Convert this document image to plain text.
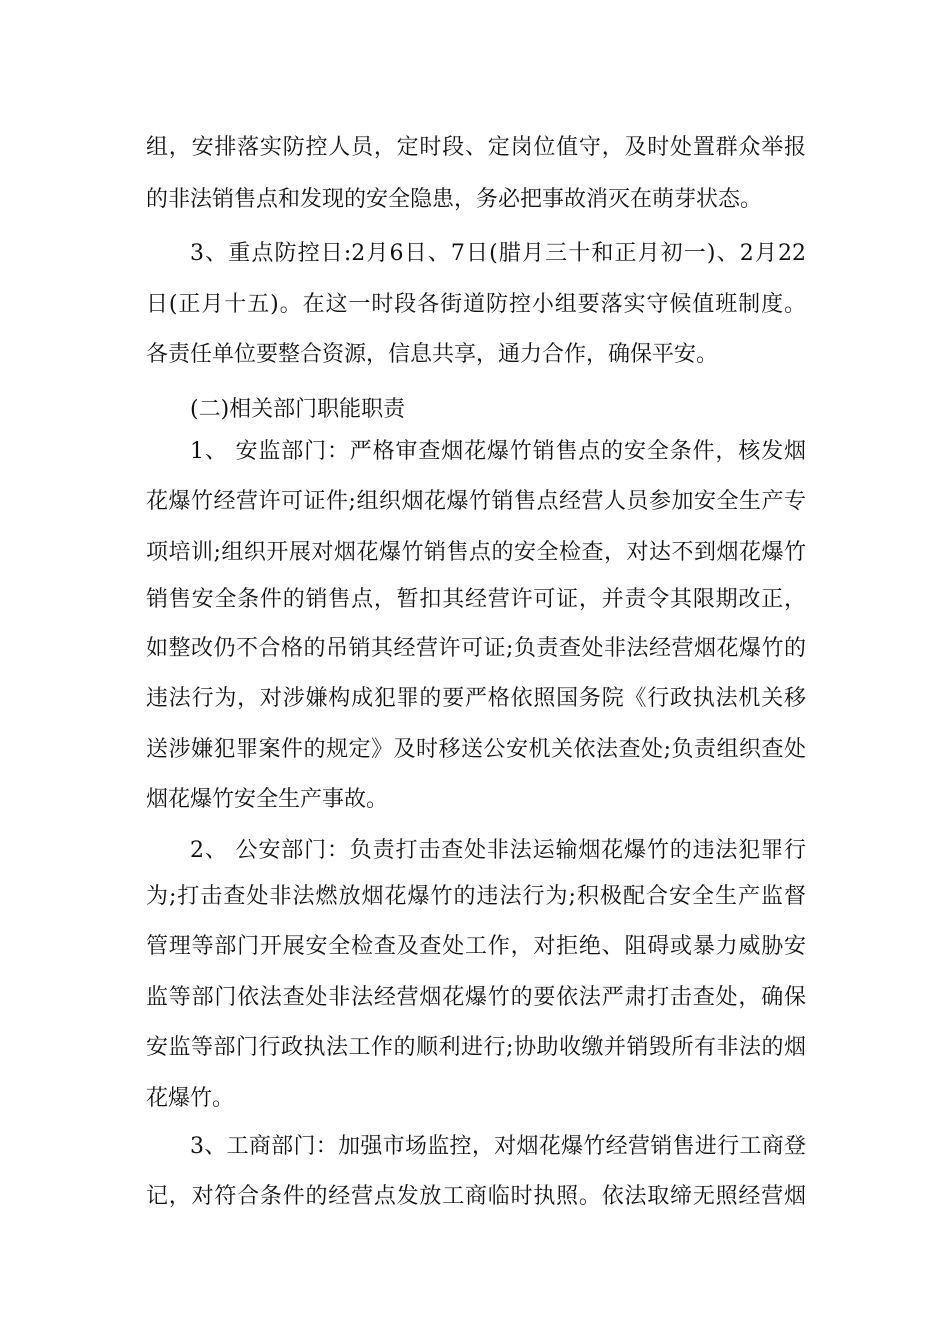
组，安排落实防控人员，定时段、定岗位值守，及时处置群众举报
的非法销售点和发现的安全隐患，务必把事故消灭在萌芽状态。
3、重点防控日:2月6日、7日(腊月三十和正月初一)、2月22
日(正月十五)。在这一时段各街道防控小组要落实守候值班制度。
各责任单位要整合资源，信息共享，通力合作，确保平安。
(二)相关部门职能职责
1、 安监部门：严格审查烟花爆竹销售点的安全条件，核发烟
花爆竹经营许可证件;组织烟花爆竹销售点经营人员参加安全生产专
项培训;组织开展对烟花爆竹销售点的安全检查，对达不到烟花爆竹
销售安全条件的销售点，暂扣其经营许可证，并责令其限期改正，
如整改仍不合格的吊销其经营许可证;负责查处非法经营烟花爆竹的
违法行为，对涉嫌构成犯罪的要严格依照国务院《行政执法机关移
送涉嫌犯罪案件的规定》及时移送公安机关依法查处;负责组织查处
烟花爆竹安全生产事故。
2、 公安部门：负责打击查处非法运输烟花爆竹的违法犯罪行
为;打击查处非法燃放烟花爆竹的违法行为;积极配合安全生产监督
管理等部门开展安全检查及查处工作，对拒绝、阻碍或暴力威胁安
监等部门依法查处非法经营烟花爆竹的要依法严肃打击查处，确保
安监等部门行政执法工作的顺利进行;协助收缴并销毁所有非法的烟
花爆竹。
3、工商部门：加强市场监控，对烟花爆竹经营销售进行工商登
记，对符合条件的经营点发放工商临时执照。依法取缔无照经营烟
